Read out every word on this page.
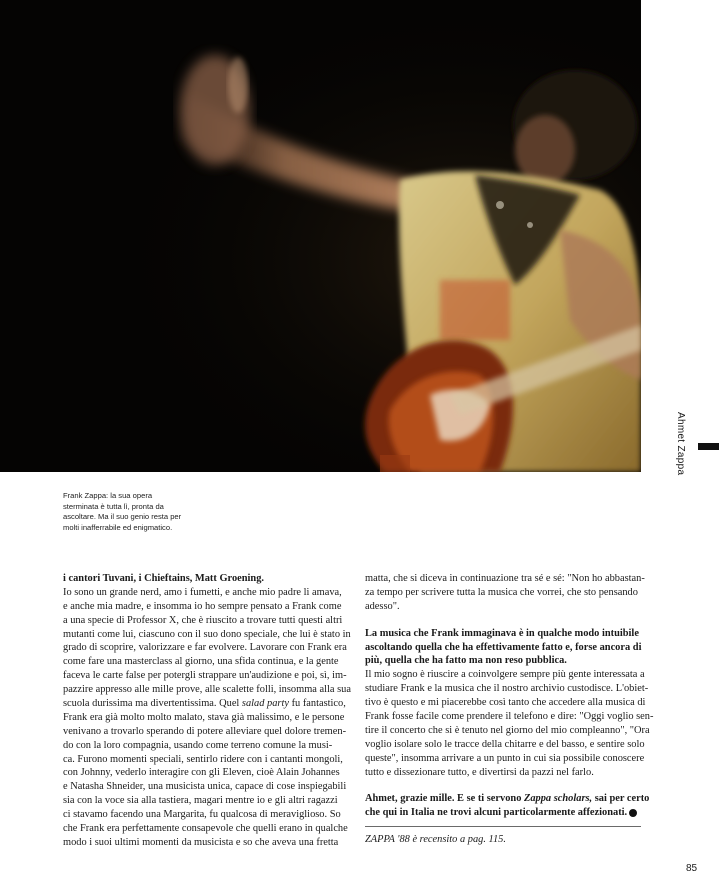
Ahmet Zappa
Frank Zappa: la sua opera
sterminata è tutta lì, pronta da
ascoltare. Ma il suo genio resta per
molti inafferrabile ed enigmatico.
i cantori Tuvani, i Chieftains, Matt Groening.
Io sono un grande nerd, amo i fumetti, e anche mio padre li amava,
e anche mia madre, e insomma io ho sempre pensato a Frank come
a una specie di Professor X, che è riuscito a trovare tutti questi altri
mutanti come lui, ciascuno con il suo dono speciale, che lui è stato in
grado di scoprire, valorizzare e far evolvere. Lavorare con Frank era
come fare una masterclass al giorno, una sfida continua, e la gente
faceva le carte false per potergli strappare un'audizione e poi, sì, im-
pazzire appresso alle mille prove, alle scalette folli, insomma alla sua
scuola durissima ma divertentissima. Quel salad party fu fantastico,
Frank era già molto molto malato, stava già malissimo, e le persone
venivano a trovarlo sperando di potere alleviare quel dolore tremen-
do con la loro compagnia, usando come terreno comune la musi-
ca. Furono momenti speciali, sentirlo ridere con i cantanti mongoli,
con Johnny, vederlo interagire con gli Eleven, cioè Alain Johannes
e Natasha Shneider, una musicista unica, capace di cose inspiegabili
sia con la voce sia alla tastiera, magari mentre io e gli altri ragazzi
ci stavamo facendo una Margarita, fu qualcosa di meraviglioso. So
che Frank era perfettamente consapevole che quelli erano in qualche
modo i suoi ultimi momenti da musicista e so che aveva una fretta
matta, che si diceva in continuazione tra sé e sé: "Non ho abbastan-
za tempo per scrivere tutta la musica che vorrei, che sto pensando
adesso".
La musica che Frank immaginava è in qualche modo intuibile
ascoltando quella che ha effettivamente fatto e, forse ancora di
più, quella che ha fatto ma non reso pubblica.
Il mio sogno è riuscire a coinvolgere sempre più gente interessata a
studiare Frank e la musica che il nostro archivio custodisce. L'obiet-
tivo è questo e mi piacerebbe così tanto che accedere alla musica di
Frank fosse facile come prendere il telefono e dire: "Oggi voglio sen-
tire il concerto che si è tenuto nel giorno del mio compleanno", "Ora
voglio isolare solo le tracce della chitarre e del basso, e sentire solo
queste", insomma arrivare a un punto in cui sia possibile conoscere
tutto e dissezionare tutto, e divertirsi da pazzi nel farlo.
Ahmet, grazie mille. E se ti servono Zappa scholars, sai per certo
che qui in Italia ne trovi alcuni particolarmente affezionati.
ZAPPA '88 è recensito a pag. 115.
85
